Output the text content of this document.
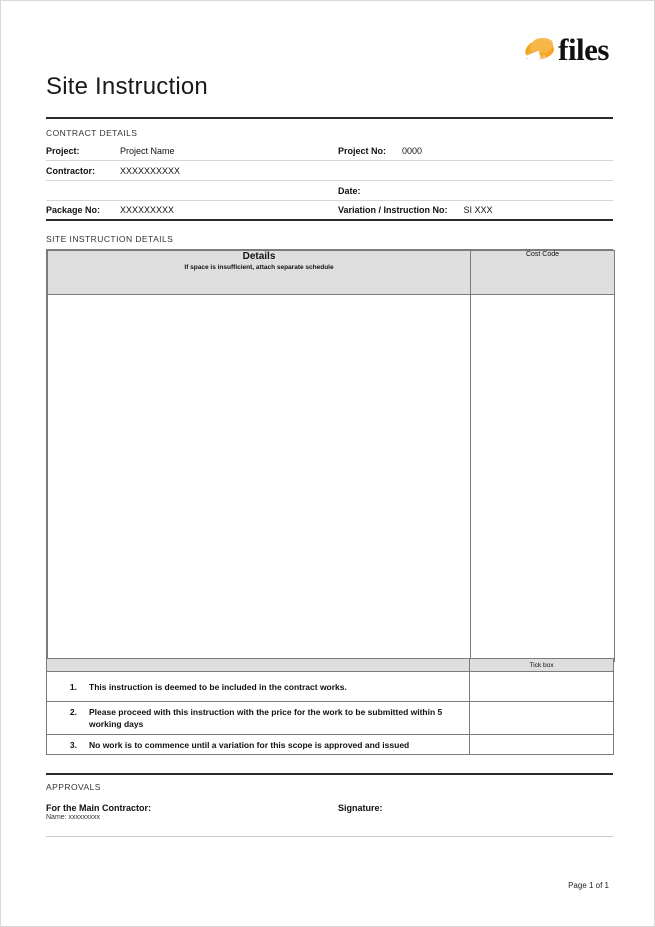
files
Site Instruction
CONTRACT DETAILS
Project:	Project Name	Project No: 0000
Contractor:	XXXXXXXXXX
Date:
Package No:	XXXXXXXXX	Variation / Instruction No: SI XXX
SITE INSTRUCTION DETAILS
Details
If space is insufficient, attach separate schedule	Cost Code

	Tick box

1. This instruction is deemed to be included in the contract works.	

2. Please proceed with this instruction with the price for the work to be submitted within 5 working days	

3. No work is to commence until a variation for this scope is approved and issued	

APPROVALS
For the Main Contractor:
Name: xxxxxxxxx
Signature:
Page 1 of 1
